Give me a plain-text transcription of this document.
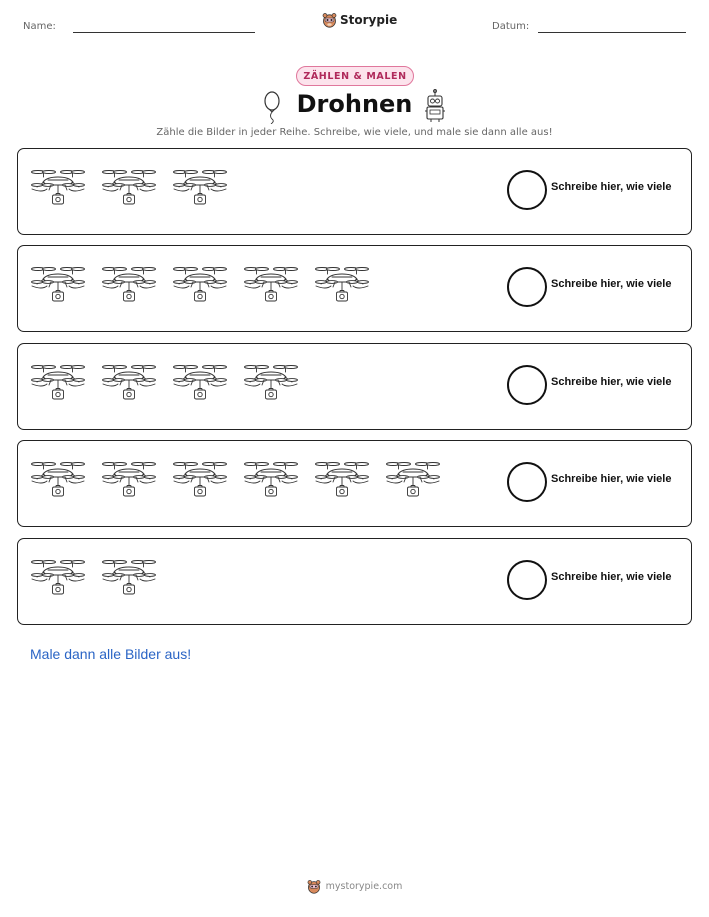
Name:	Storypie	Datum:
ZÄHLEN & MALEN
Drohnen
Zähle die Bilder in jeder Reihe. Schreibe, wie viele, und male sie dann alle aus!
Schreibe hier, wie viele
Schreibe hier, wie viele
Schreibe hier, wie viele
Schreibe hier, wie viele
Schreibe hier, wie viele
Male dann alle Bilder aus!
mystorypie.com
